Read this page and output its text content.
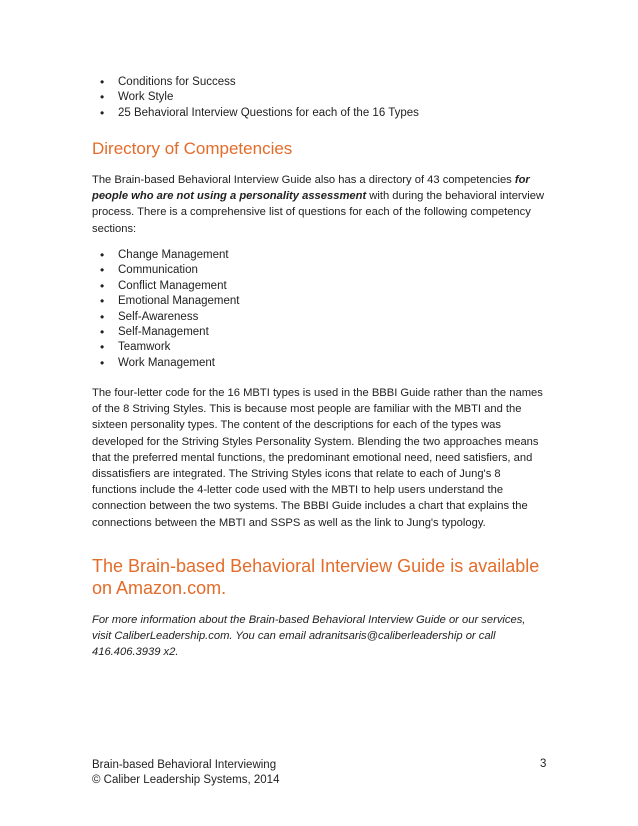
• Conditions for Success
• Work Style
• 25 Behavioral Interview Questions for each of the 16 Types
Directory of Competencies

The Brain-based Behavioral Interview Guide also has a directory of 43 competencies for people who are not using a personality assessment with during the behavioral interview process. There is a comprehensive list of questions for each of the following competency sections:

• Change Management
• Communication
• Conflict Management
• Emotional Management
• Self-Awareness
• Self-Management
• Teamwork
• Work Management

The four-letter code for the 16 MBTI types is used in the BBBI Guide rather than the names of the 8 Striving Styles. This is because most people are familiar with the MBTI and the sixteen personality types. The content of the descriptions for each of the types was developed for the Striving Styles Personality System. Blending the two approaches means that the preferred mental functions, the predominant emotional need, need satisfiers, and dissatisfiers are integrated. The Striving Styles icons that relate to each of Jung's 8 functions include the 4-letter code used with the MBTI to help users understand the connection between the two systems. The BBBI Guide includes a chart that explains the connections between the MBTI and SSPS as well as the link to Jung's typology.

The Brain-based Behavioral Interview Guide is available on Amazon.com.

For more information about the Brain-based Behavioral Interview Guide or our services, visit CaliberLeadership.com. You can email adranitsaris@caliberleadership or call 416.406.3939 x2.

Brain-based Behavioral Interviewing
© Caliber Leadership Systems, 2014
3
